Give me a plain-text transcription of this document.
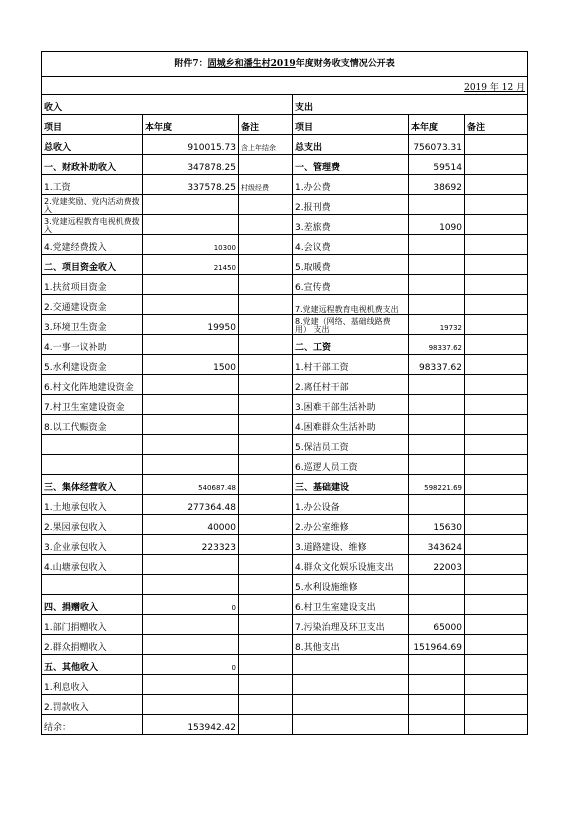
附件7：固城乡和潘生村2019年度财务收支情况公开表					
			2019 年 12 月		
收入			支出		
项目	本年度	备注	项目	本年度	备注
总收入	910015.73	含上年结余	总支出	756073.31	
一、财政补助收入	347878.25		一、管理费	59514	
1.工资	337578.25	村级经费	1.办公费	38692	
2.党建奖励、党内活动费拨入			2.报刊费		
3.党建远程教育电视机费拨入			3.差旅费	1090	
4.党建经费拨入	10300		4.会议费		
二、项目资金收入	21450		5.取暖费		
1.扶贫项目资金			6.宣传费		
2.交通建设资金			7.党建远程教育电视机费支出		
3.环境卫生资金	19950		8.党建（网络、基础线路费用） 支出	19732	
4.一事一议补助			二、工资	98337.62	
5.水利建设资金	1500		1.村干部工资	98337.62	
6.村文化阵地建设资金			2.离任村干部		
7.村卫生室建设资金			3.困难干部生活补助		
8.以工代赈资金			4.困难群众生活补助		
			5.保洁员工资		
			6.巡逻人员工资		
三、集体经营收入	540687.48		三、基础建设	598221.69	
1.土地承包收入	277364.48		1.办公设备		
2.果园承包收入	40000		2.办公室维修	15630	
3.企业承包收入	223323		3.道路建设、维修	343624	
4.山塘承包收入			4.群众文化娱乐设施支出	22003	
			5.水利设施维修		
四、捐赠收入	0		6.村卫生室建设支出		
1.部门捐赠收入			7.污染治理及环卫支出	65000	
2.群众捐赠收入			8.其他支出	151964.69	
五、其他收入	0				
1.利息收入					
2.罚款收入					
结余：	153942.42				
